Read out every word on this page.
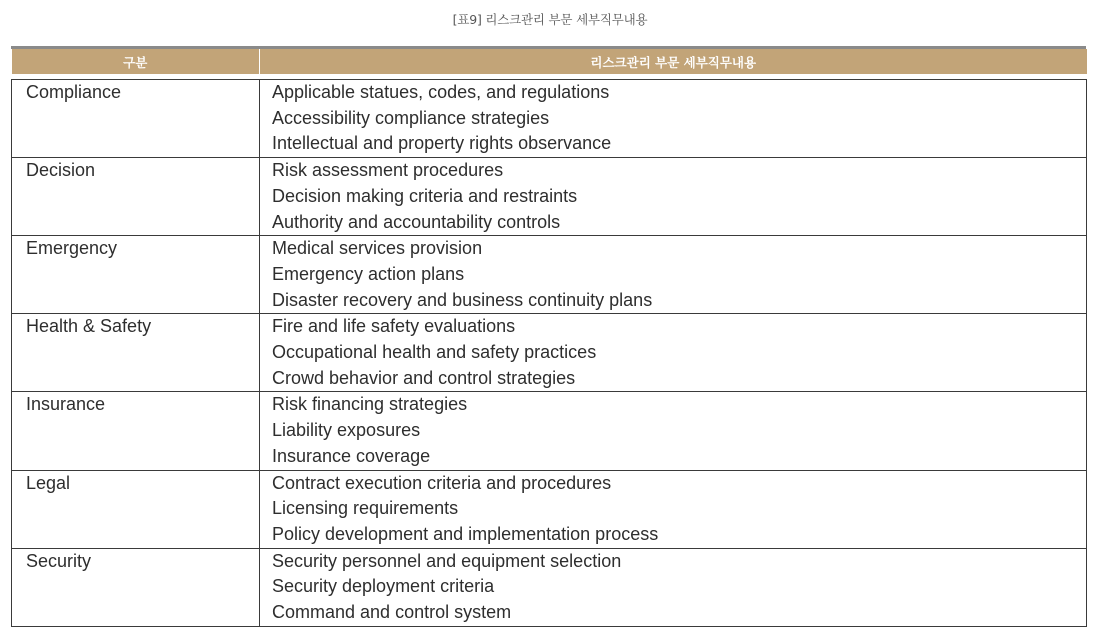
[표9] 리스크관리 부문 세부직무내용
구분	리스크관리 부문 세부직무내용

Compliance	Applicable statues, codes, and regulations
Accessibility compliance strategies
Intellectual and property rights observance

Decision	Risk assessment procedures
Decision making criteria and restraints
Authority and accountability controls

Emergency	Medical services provision
Emergency action plans
Disaster recovery and business continuity plans

Health & Safety	Fire and life safety evaluations
Occupational health and safety practices
Crowd behavior and control strategies

Insurance	Risk financing strategies
Liability exposures
Insurance coverage

Legal	Contract execution criteria and procedures
Licensing requirements
Policy development and implementation process

Security	Security personnel and equipment selection
Security deployment criteria
Command and control system
